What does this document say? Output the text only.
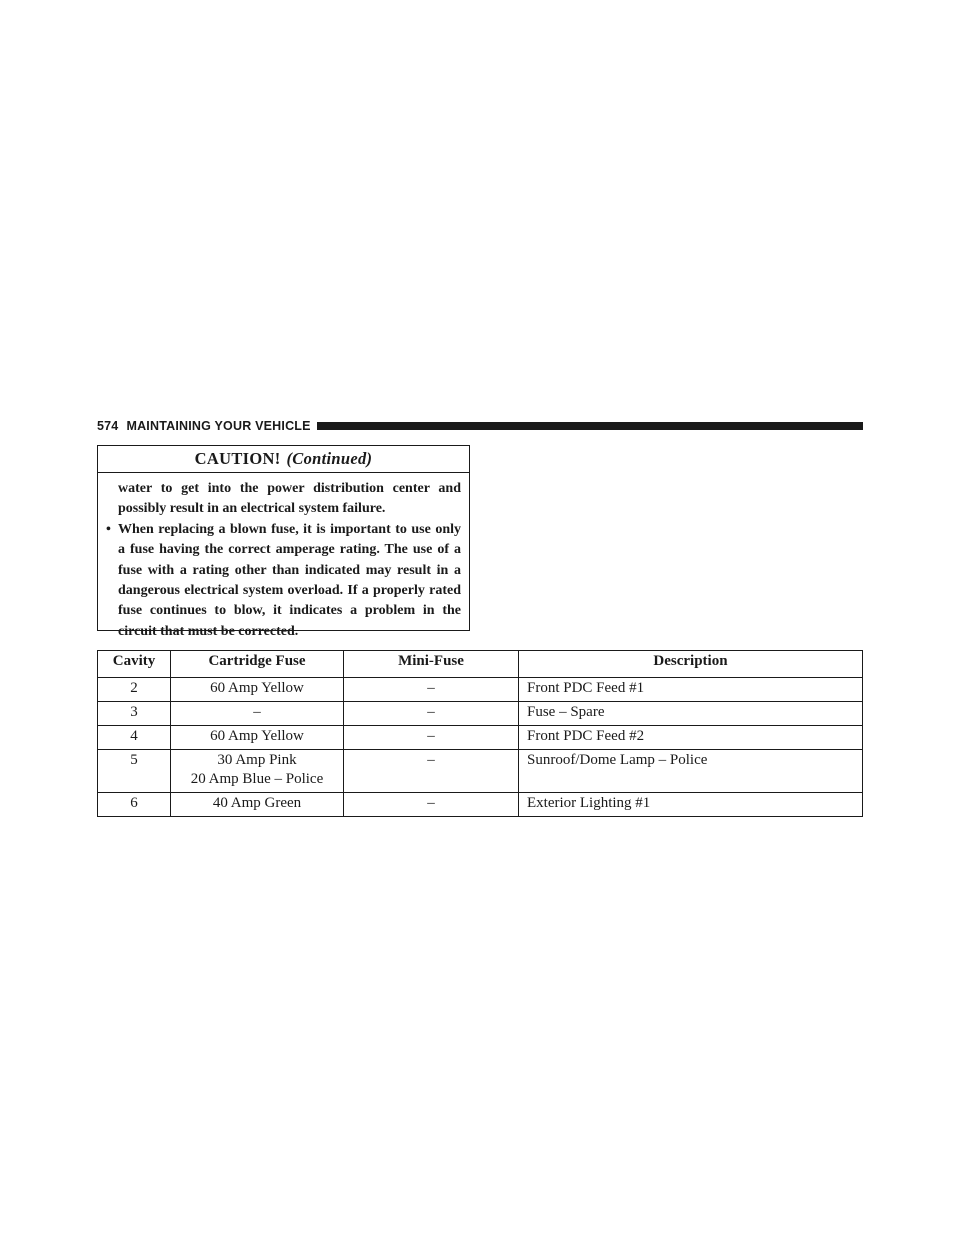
574 MAINTAINING YOUR VEHICLE
CAUTION! (Continued)

water to get into the power distribution center and possibly result in an electrical system failure.

• When replacing a blown fuse, it is important to use only a fuse having the correct amperage rating. The use of a fuse with a rating other than indicated may result in a dangerous electrical system overload. If a properly rated fuse continues to blow, it indicates a problem in the circuit that must be corrected.

Cavity	Cartridge Fuse	Mini-Fuse	Description
2	60 Amp Yellow	–	Front PDC Feed #1
3	–	–	Fuse – Spare
4	60 Amp Yellow	–	Front PDC Feed #2
5	30 Amp Pink
20 Amp Blue – Police	–	Sunroof/Dome Lamp – Police
6	40 Amp Green	–	Exterior Lighting #1
